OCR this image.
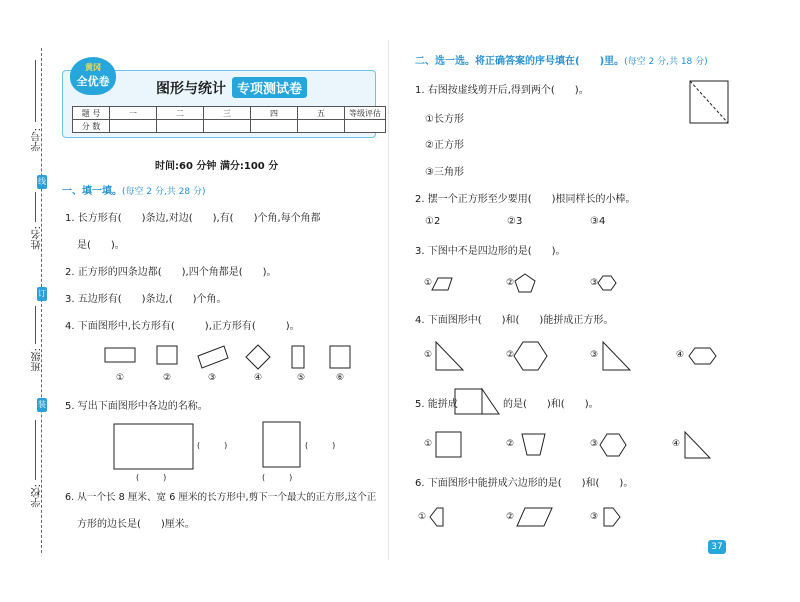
学号:
线
姓名:
订
班级:
装
学校:
黄冈
全优卷	图形与统计 专项测试卷
题 号	一	二	三	四	五	等级评估
分 数						
时间:60 分钟 满分:100 分
一、填一填。(每空 2 分,共 28 分)
1. 长方形有(　　)条边,对边(　　),有(　　)个角,每个角都
是(　　)。
2. 正方形的四条边都(　　),四个角都是(　　)。
3. 五边形有(　　)条边,(　　)个角。
4. 下面图形中,长方形有(　　　),正方形有(　　　)。
①	②	③	④	⑤	⑥
5. 写出下面图形中各边的名称。
(　　　)
(　　　)
(　　　)
(　　　)
6. 从一个长 8 厘米、宽 6 厘米的长方形中,剪下一个最大的正方形,这个正
方形的边长是(　　)厘米。
二、选一选。将正确答案的序号填在(　　)里。(每空 2 分,共 18 分)
1. 右图按虚线剪开后,得到两个(　　)。
①长方形
②正方形
③三角形
2. 摆一个正方形至少要用(　　)根同样长的小棒。
①2	②3	③4
3. 下图中不是四边形的是(　　)。
①	②	③
4. 下面图形中(　　)和(　　)能拼成正方形。
①	②	③	④
5. 能拼成	的是(　　)和(　　)。
①	②	③	④
6. 下面图形中能拼成六边形的是(　　)和(　　)。
①	②	③
37
